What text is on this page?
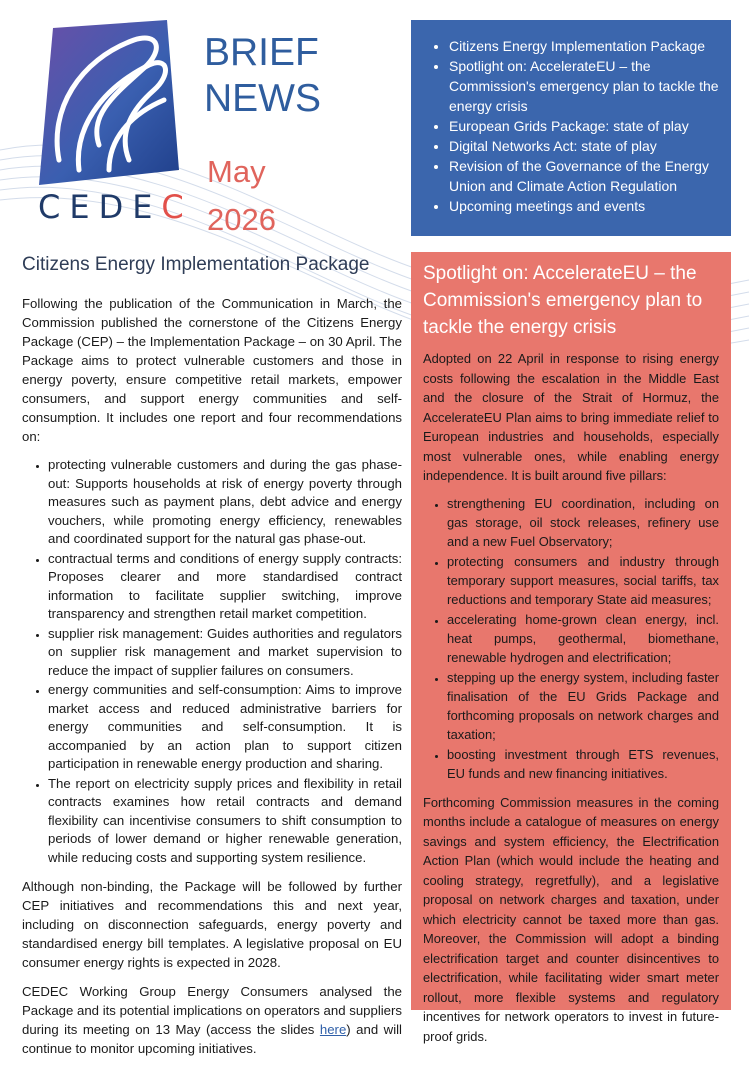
CEDEC
BRIEF
NEWS
May
2026
• Citizens Energy Implementation Package
• Spotlight on: AccelerateEU – the Commission's emergency plan to tackle the energy crisis
• European Grids Package: state of play
• Digital Networks Act: state of play
• Revision of the Governance of the Energy Union and Climate Action Regulation
• Upcoming meetings and events
Citizens Energy Implementation Package

Following the publication of the Communication in March, the Commission published the cornerstone of the Citizens Energy Package (CEP) – the Implementation Package – on 30 April. The Package aims to protect vulnerable customers and those in energy poverty, ensure competitive retail markets, empower consumers, and support energy communities and self-consumption. It includes one report and four recommendations on:

• protecting vulnerable customers and during the gas phase-out: Supports households at risk of energy poverty through measures such as payment plans, debt advice and energy vouchers, while promoting energy efficiency, renewables and coordinated support for the natural gas phase-out.
• contractual terms and conditions of energy supply contracts: Proposes clearer and more standardised contract information to facilitate supplier switching, improve transparency and strengthen retail market competition.
• supplier risk management: Guides authorities and regulators on supplier risk management and market supervision to reduce the impact of supplier failures on consumers.
• energy communities and self-consumption: Aims to improve market access and reduced administrative barriers for energy communities and self-consumption. It is accompanied by an action plan to support citizen participation in renewable energy production and sharing.
• The report on electricity supply prices and flexibility in retail contracts examines how retail contracts and demand flexibility can incentivise consumers to shift consumption to periods of lower demand or higher renewable generation, while reducing costs and supporting system resilience.

Although non-binding, the Package will be followed by further CEP initiatives and recommendations this and next year, including on disconnection safeguards, energy poverty and standardised energy bill templates. A legislative proposal on EU consumer energy rights is expected in 2028.

CEDEC Working Group Energy Consumers analysed the Package and its potential implications on operators and suppliers during its meeting on 13 May (access the slides here) and will continue to monitor upcoming initiatives.

Spotlight on: AccelerateEU – the Commission's emergency plan to tackle the energy crisis

Adopted on 22 April in response to rising energy costs following the escalation in the Middle East and the closure of the Strait of Hormuz, the AccelerateEU Plan aims to bring immediate relief to European industries and households, especially most vulnerable ones, while enabling energy independence. It is built around five pillars:

• strengthening EU coordination, including on gas storage, oil stock releases, refinery use and a new Fuel Observatory;
• protecting consumers and industry through temporary support measures, social tariffs, tax reductions and temporary State aid measures;
• accelerating home-grown clean energy, incl. heat pumps, geothermal, biomethane, renewable hydrogen and electrification;
• stepping up the energy system, including faster finalisation of the EU Grids Package and forthcoming proposals on network charges and taxation;
• boosting investment through ETS revenues, EU funds and new financing initiatives.

Forthcoming Commission measures in the coming months include a catalogue of measures on energy savings and system efficiency, the Electrification Action Plan (which would include the heating and cooling strategy, regretfully), and a legislative proposal on network charges and taxation, under which electricity cannot be taxed more than gas. Moreover, the Commission will adopt a binding electrification target and counter disincentives to electrification, while facilitating wider smart meter rollout, more flexible systems and regulatory incentives for network operators to invest in future-proof grids.
